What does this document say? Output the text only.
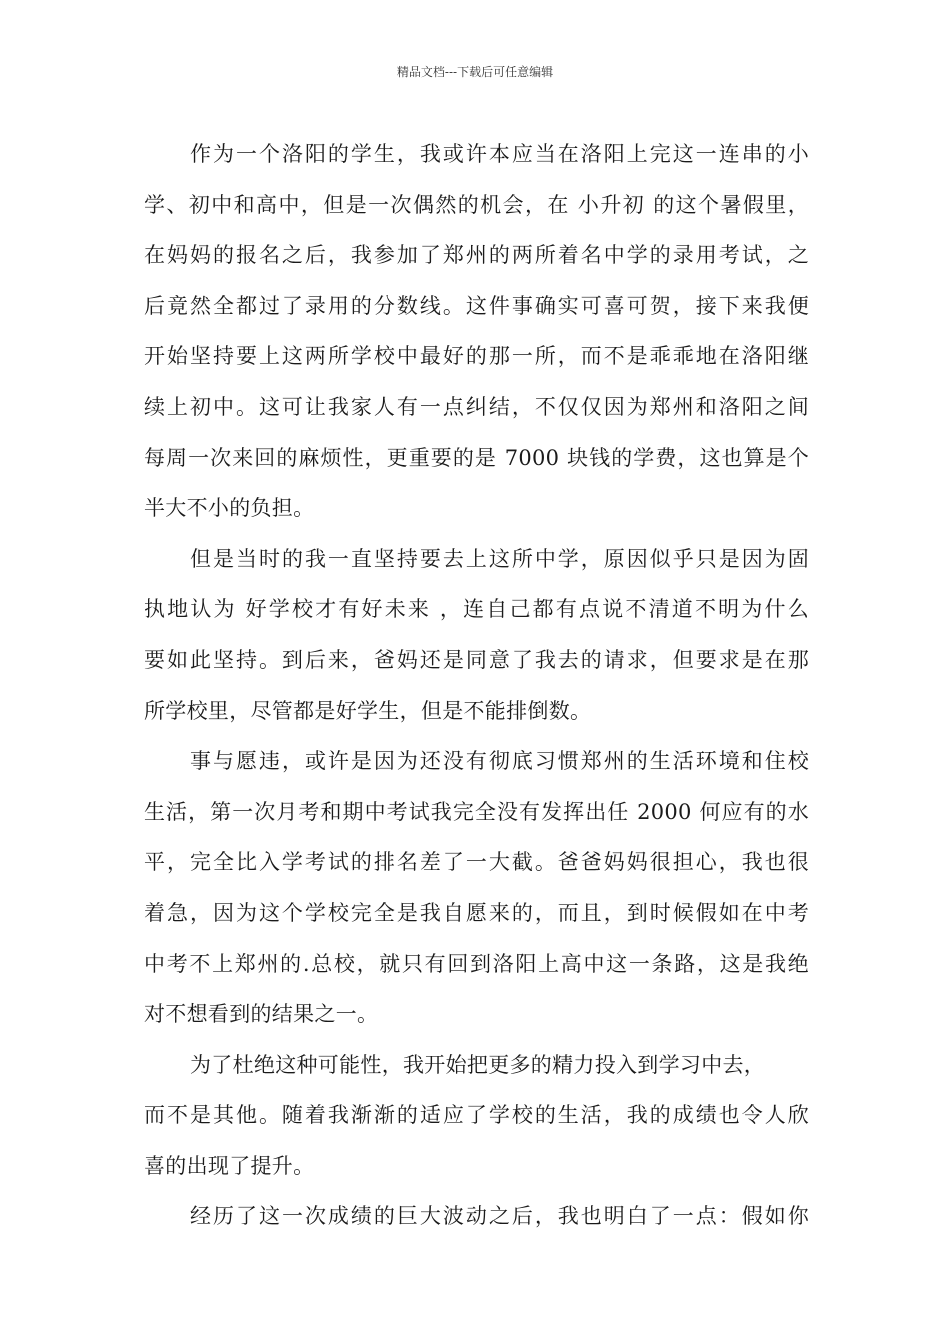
精品文档---下载后可任意编辑
作为一个洛阳的学生，我或许本应当在洛阳上完这一连串的小
学、初中和高中，但是一次偶然的机会，在 小升初 的这个暑假里，
在妈妈的报名之后，我参加了郑州的两所着名中学的录用考试，之
后竟然全都过了录用的分数线。这件事确实可喜可贺，接下来我便
开始坚持要上这两所学校中最好的那一所，而不是乖乖地在洛阳继
续上初中。这可让我家人有一点纠结，不仅仅因为郑州和洛阳之间
每周一次来回的麻烦性，更重要的是 7000 块钱的学费，这也算是个
半大不小的负担。
但是当时的我一直坚持要去上这所中学，原因似乎只是因为固
执地认为 好学校才有好未来 ，连自己都有点说不清道不明为什么
要如此坚持。到后来，爸妈还是同意了我去的请求，但要求是在那
所学校里，尽管都是好学生，但是不能排倒数。
事与愿违，或许是因为还没有彻底习惯郑州的生活环境和住校
生活，第一次月考和期中考试我完全没有发挥出任 2000 何应有的水
平，完全比入学考试的排名差了一大截。爸爸妈妈很担心，我也很
着急，因为这个学校完全是我自愿来的，而且，到时候假如在中考
中考不上郑州的.总校，就只有回到洛阳上高中这一条路，这是我绝
对不想看到的结果之一。
为了杜绝这种可能性，我开始把更多的精力投入到学习中去，
而不是其他。随着我渐渐的适应了学校的生活，我的成绩也令人欣
喜的出现了提升。
经历了这一次成绩的巨大波动之后，我也明白了一点：假如你
